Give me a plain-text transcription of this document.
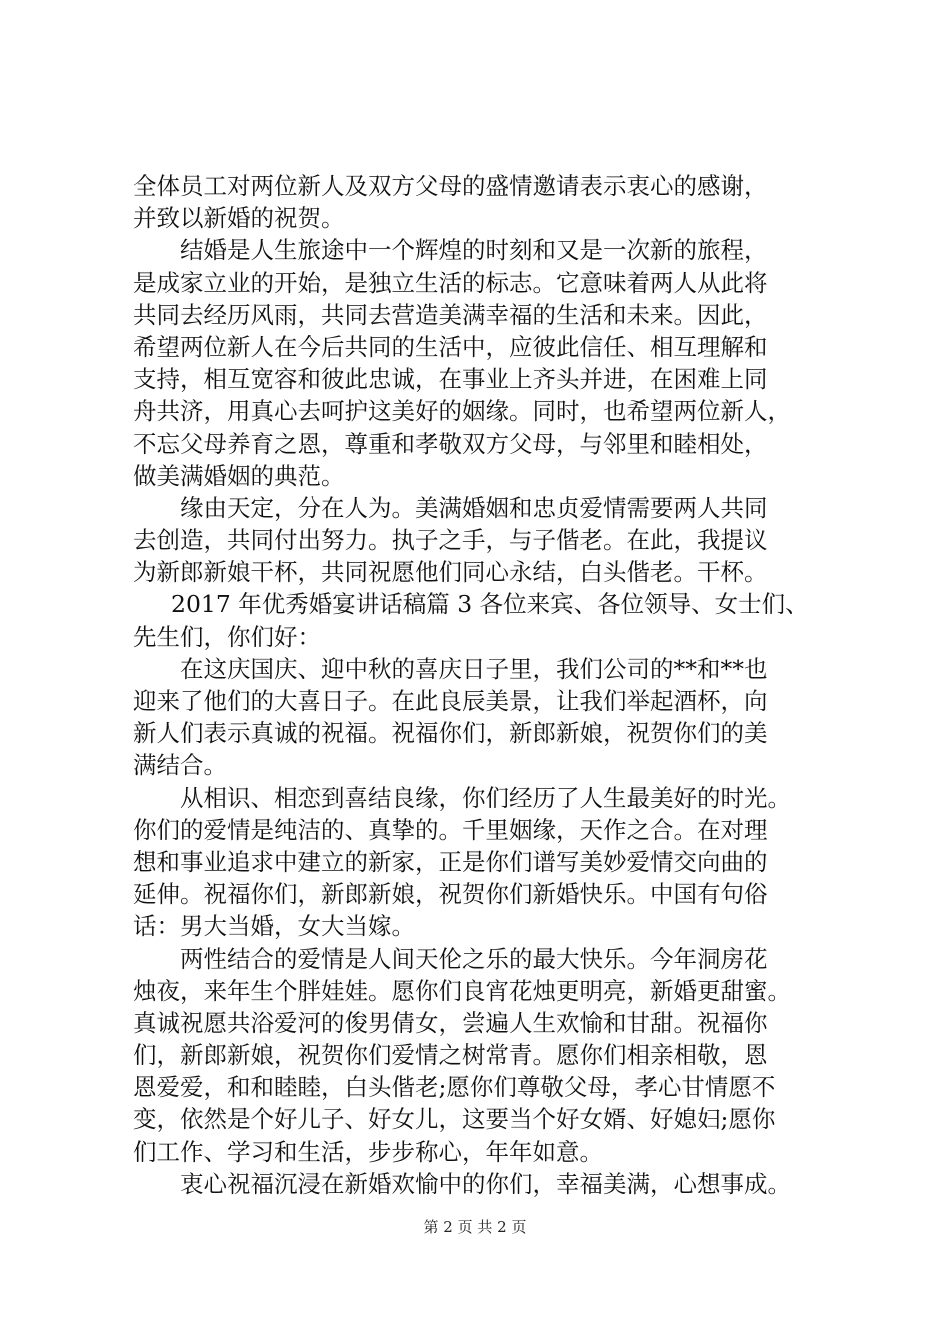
全体员工对两位新人及双方父母的盛情邀请表示衷心的感谢，
并致以新婚的祝贺。
结婚是人生旅途中一个辉煌的时刻和又是一次新的旅程，
是成家立业的开始，是独立生活的标志。它意味着两人从此将
共同去经历风雨，共同去营造美满幸福的生活和未来。因此，
希望两位新人在今后共同的生活中，应彼此信任、相互理解和
支持，相互宽容和彼此忠诚，在事业上齐头并进，在困难上同
舟共济，用真心去呵护这美好的姻缘。同时，也希望两位新人，
不忘父母养育之恩，尊重和孝敬双方父母，与邻里和睦相处，
做美满婚姻的典范。
缘由天定，分在人为。美满婚姻和忠贞爱情需要两人共同
去创造，共同付出努力。执子之手，与子偕老。在此，我提议
为新郎新娘干杯，共同祝愿他们同心永结，白头偕老。干杯。
2017 年优秀婚宴讲话稿篇 3 各位来宾、各位领导、女士们、
先生们，你们好：
在这庆国庆、迎中秋的喜庆日子里，我们公司的**和**也
迎来了他们的大喜日子。在此良辰美景，让我们举起酒杯，向
新人们表示真诚的祝福。祝福你们，新郎新娘，祝贺你们的美
满结合。
从相识、相恋到喜结良缘，你们经历了人生最美好的时光。
你们的爱情是纯洁的、真挚的。千里姻缘，天作之合。在对理
想和事业追求中建立的新家，正是你们谱写美妙爱情交向曲的
延伸。祝福你们，新郎新娘，祝贺你们新婚快乐。中国有句俗
话：男大当婚，女大当嫁。
两性结合的爱情是人间天伦之乐的最大快乐。今年洞房花
烛夜，来年生个胖娃娃。愿你们良宵花烛更明亮，新婚更甜蜜。
真诚祝愿共浴爱河的俊男倩女，尝遍人生欢愉和甘甜。祝福你
们，新郎新娘，祝贺你们爱情之树常青。愿你们相亲相敬，恩
恩爱爱，和和睦睦，白头偕老;愿你们尊敬父母，孝心甘情愿不
变，依然是个好儿子、好女儿，这要当个好女婿、好媳妇;愿你
们工作、学习和生活，步步称心，年年如意。
衷心祝福沉浸在新婚欢愉中的你们，幸福美满，心想事成。
第 2 页 共 2 页
